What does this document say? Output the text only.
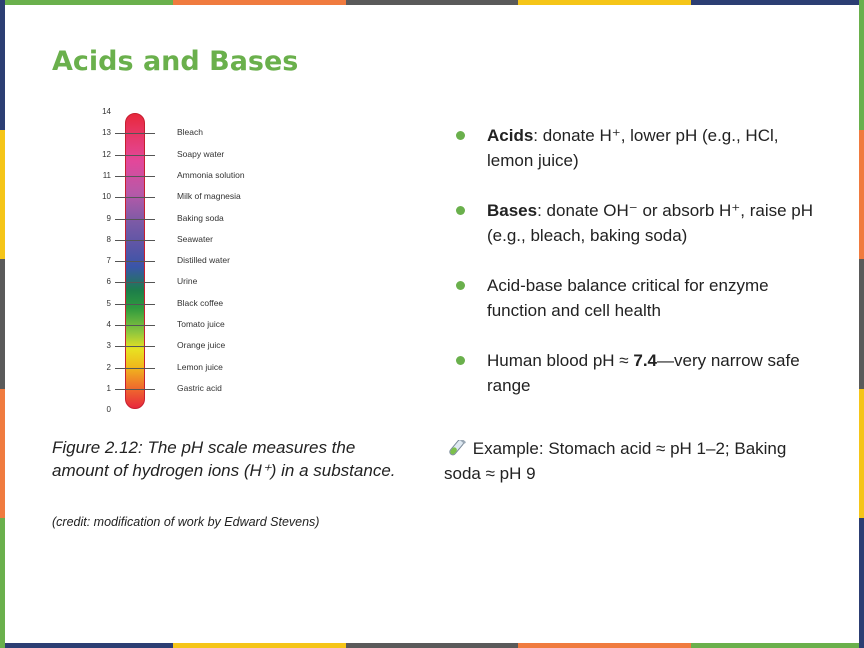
Acids and Bases
14
13
12
11
10
9
8
7
6
5
4
3
2
1
0
Bleach
Soapy water
Ammonia solution
Milk of magnesia
Baking soda
Seawater
Distilled water
Urine
Black coffee
Tomato juice
Orange juice
Lemon juice
Gastric acid
Figure 2.12: The pH scale measures the amount of hydrogen ions (H⁺) in a substance.
(credit: modification of work by Edward Stevens)
Acids: donate H⁺, lower pH (e.g., HCl, lemon juice)
Bases: donate OH⁻ or absorb H⁺, raise pH (e.g., bleach, baking soda)
Acid-base balance critical for enzyme function and cell health
Human blood pH ≈ 7.4—very narrow safe range
Example: Stomach acid ≈ pH 1–2; Baking soda ≈ pH 9
